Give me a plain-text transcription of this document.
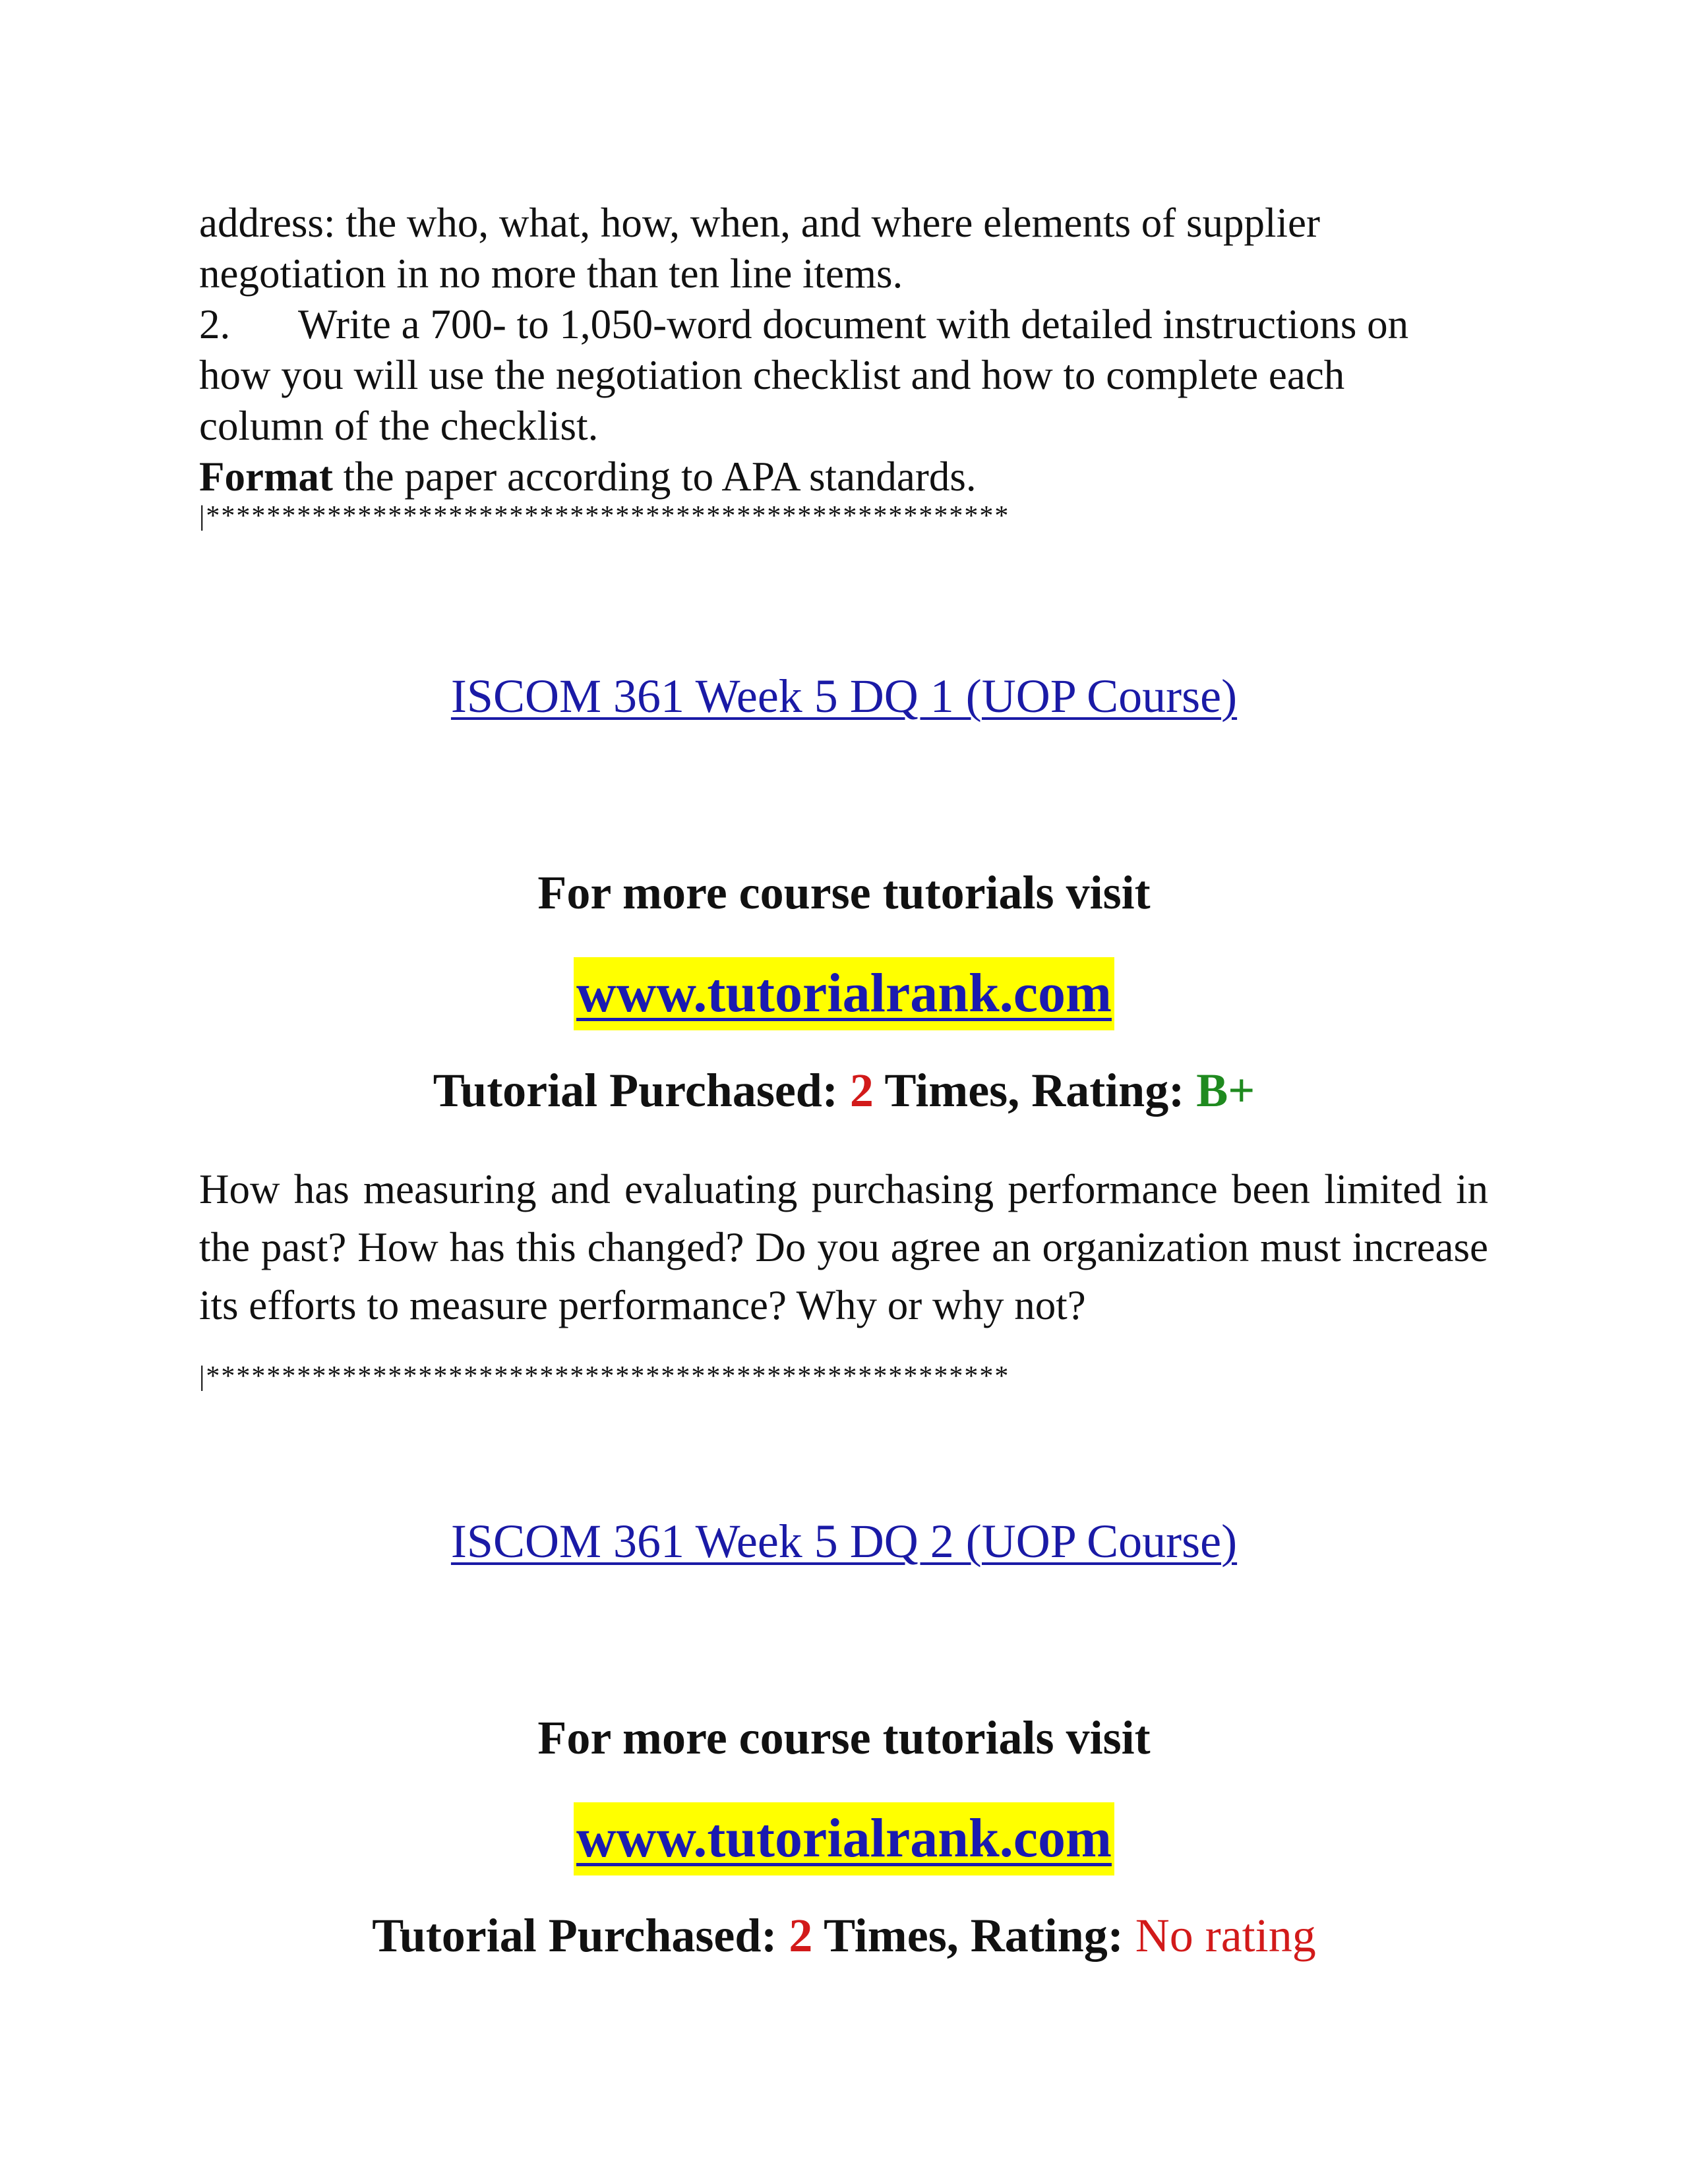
address: the who, what, how, when, and where elements of supplier

negotiation in no more than ten line items.

2. Write a 700- to 1,050-word document with detailed instructions on

how you will use the negotiation checklist and how to complete each

column of the checklist.

Format the paper according to APA standards.

|*****************************************************
ISCOM 361 Week 5 DQ 1 (UOP Course)
For more course tutorials visit
www.tutorialrank.com
Tutorial Purchased: 2 Times, Rating: B+

How has measuring and evaluating purchasing performance been limited in the past? How has this changed? Do you agree an organization must increase its efforts to measure performance? Why or why not?

|*****************************************************
ISCOM 361 Week 5 DQ 2 (UOP Course)
For more course tutorials visit
www.tutorialrank.com
Tutorial Purchased: 2 Times, Rating: No rating
